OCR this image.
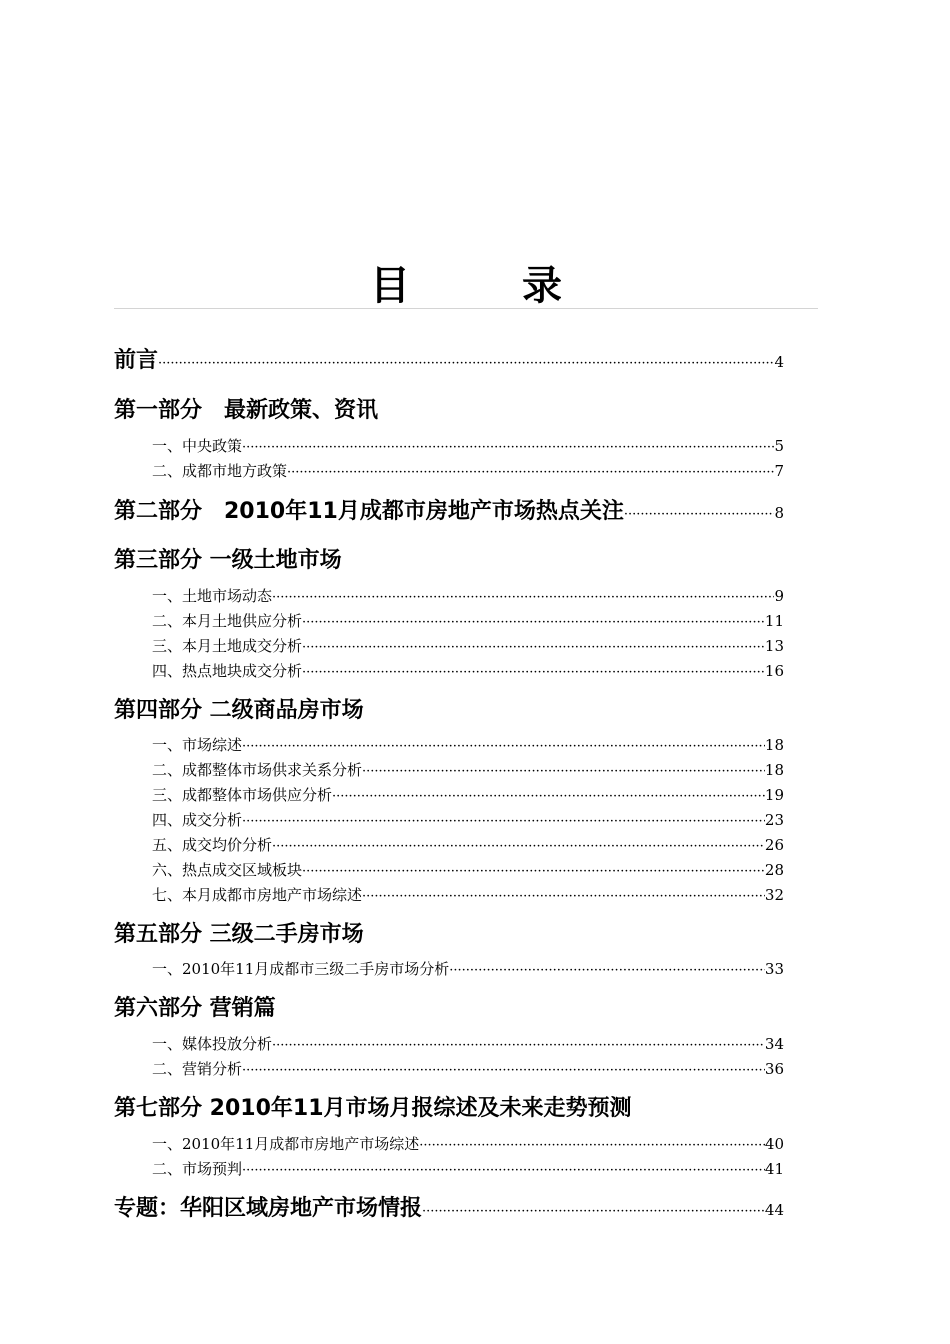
目　录
前言 ·····	4
第一部分　最新政策、资讯
一、中央政策 ·····	5
二、成都市地方政策 ·····	7
第二部分　2010年11月成都市房地产市场热点关注 ·····	8
第三部分 一级土地市场
一、土地市场动态 ·····	9
二、本月土地供应分析 ·····	11
三、本月土地成交分析 ·····	13
四、热点地块成交分析 ·····	16
第四部分 二级商品房市场
一、市场综述 ·····	18
二、成都整体市场供求关系分析 ·····	18
三、成都整体市场供应分析 ·····	19
四、成交分析 ·····	23
五、成交均价分析 ·····	26
六、热点成交区域板块 ·····	28
七、本月成都市房地产市场综述 ·····	32
第五部分 三级二手房市场
一、2010年11月成都市三级二手房市场分析 ·····	33
第六部分 营销篇
一、媒体投放分析 ·····	34
二、营销分析 ·····	36
第七部分 2010年11月市场月报综述及未来走势预测
一、2010年11月成都市房地产市场综述 ·····	40
二、市场预判 ·····	41
专题：华阳区域房地产市场情报 ·····	44
